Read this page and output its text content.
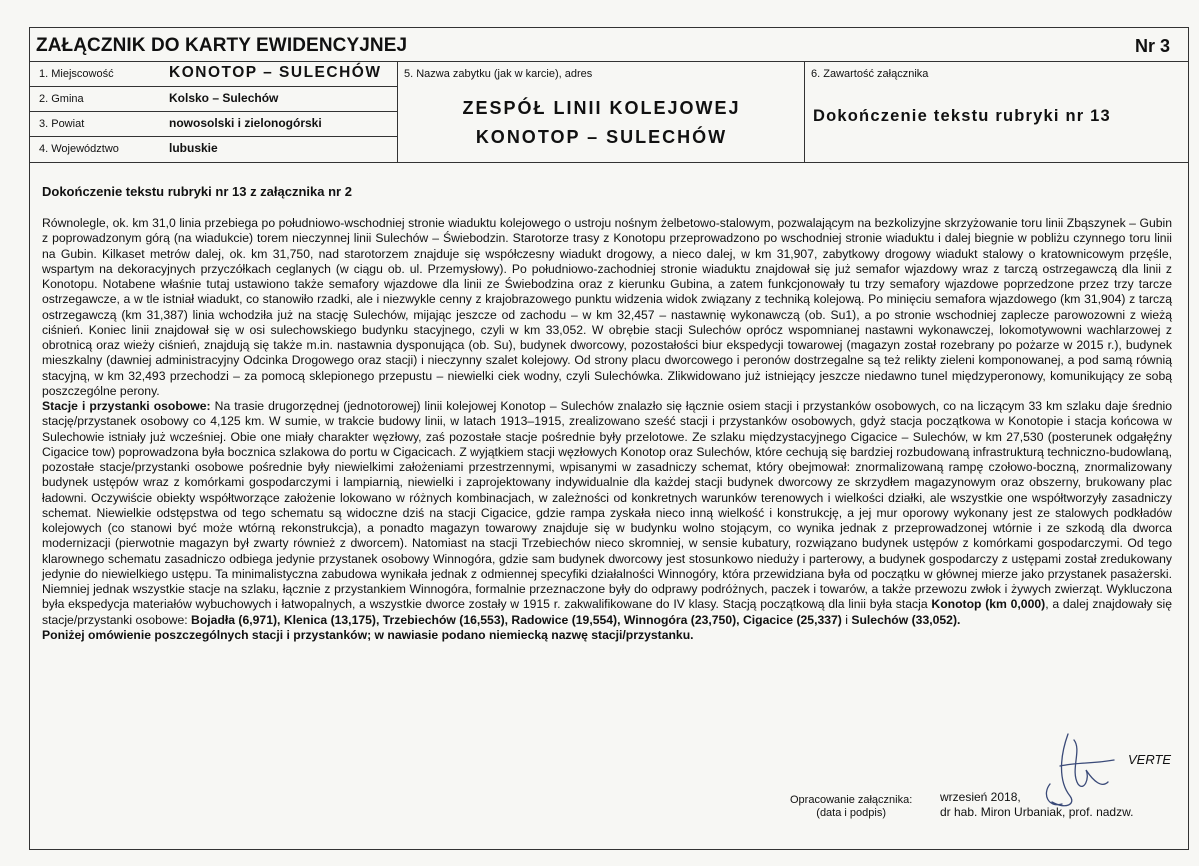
ZAŁĄCZNIK DO KARTY EWIDENCYJNEJ	Nr 3
1. Miejscowość	KONOTOP – SULECHÓW
2. Gmina	Kolsko – Sulechów
3. Powiat	nowosolski i zielonogórski
4. Województwo	lubuskie
5. Nazwa zabytku (jak w karcie), adres
ZESPÓŁ LINII KOLEJOWEJ
KONOTOP – SULECHÓW
6. Zawartość załącznika
Dokończenie tekstu rubryki nr 13
Dokończenie tekstu rubryki nr 13 z załącznika nr 2

Równolegle, ok. km 31,0 linia przebiega po południowo-wschodniej stronie wiaduktu kolejowego o ustroju nośnym żelbetowo-stalowym, pozwalającym na bezkolizyjne skrzyżowanie toru linii Zbąszynek – Gubin z poprowadzonym górą (na wiadukcie) torem nieczynnej linii Sulechów – Świebodzin. Starotorze trasy z Konotopu przeprowadzono po wschodniej stronie wiaduktu i dalej biegnie w pobliżu czynnego toru linii na Gubin. Kilkaset metrów dalej, ok. km 31,750, nad starotorzem znajduje się współczesny wiadukt drogowy, a nieco dalej, w km 31,907, zabytkowy drogowy wiadukt stalowy o kratownicowym przęśle, wspartym na dekoracyjnych przyczółkach ceglanych (w ciągu ob. ul. Przemysłowy). Po południowo-zachodniej stronie wiaduktu znajdował się już semafor wjazdowy wraz z tarczą ostrzegawczą dla linii z Konotopu. Notabene właśnie tutaj ustawiono także semafory wjazdowe dla linii ze Świebodzina oraz z kierunku Gubina, a zatem funkcjonowały tu trzy semafory wjazdowe poprzedzone przez trzy tarcze ostrzegawcze, a w tle istniał wiadukt, co stanowiło rzadki, ale i niezwykle cenny z krajobrazowego punktu widzenia widok związany z techniką kolejową. Po minięciu semafora wjazdowego (km 31,904) z tarczą ostrzegawczą (km 31,387) linia wchodziła już na stację Sulechów, mijając jeszcze od zachodu – w km 32,457 – nastawnię wykonawczą (ob. Su1), a po stronie wschodniej zaplecze parowozowni z wieżą ciśnień. Koniec linii znajdował się w osi sulechowskiego budynku stacyjnego, czyli w km 33,052. W obrębie stacji Sulechów oprócz wspomnianej nastawni wykonawczej, lokomotywowni wachlarzowej z obrotnicą oraz wieży ciśnień, znajdują się także m.in. nastawnia dysponująca (ob. Su), budynek dworcowy, pozostałości biur ekspedycji towarowej (magazyn został rozebrany po pożarze w 2015 r.), budynek mieszkalny (dawniej administracyjny Odcinka Drogowego oraz stacji) i nieczynny szalet kolejowy. Od strony placu dworcowego i peronów dostrzegalne są też relikty zieleni komponowanej, a pod samą równią stacyjną, w km 32,493 przechodzi – za pomocą sklepionego przepustu – niewielki ciek wodny, czyli Sulechówka. Zlikwidowano już istniejący jeszcze niedawno tunel międzyperonowy, komunikujący ze sobą poszczególne perony.

Stacje i przystanki osobowe: Na trasie drugorzędnej (jednotorowej) linii kolejowej Konotop – Sulechów znalazło się łącznie osiem stacji i przystanków osobowych, co na liczącym 33 km szlaku daje średnio stację/przystanek osobowy co 4,125 km. W sumie, w trakcie budowy linii, w latach 1913–1915, zrealizowano sześć stacji i przystanków osobowych, gdyż stacja początkowa w Konotopie i stacja końcowa w Sulechowie istniały już wcześniej. Obie one miały charakter węzłowy, zaś pozostałe stacje pośrednie były przelotowe. Ze szlaku międzystacyjnego Cigacice – Sulechów, w km 27,530 (posterunek odgałęźny Cigacice tow) poprowadzona była bocznica szlakowa do portu w Cigacicach. Z wyjątkiem stacji węzłowych Konotop oraz Sulechów, które cechują się bardziej rozbudowaną infrastrukturą techniczno-budowlaną, pozostałe stacje/przystanki osobowe pośrednie były niewielkimi założeniami przestrzennymi, wpisanymi w zasadniczy schemat, który obejmował: znormalizowaną rampę czołowo-boczną, znormalizowany budynek ustępów wraz z komórkami gospodarczymi i lampiarnią, niewielki i zaprojektowany indywidualnie dla każdej stacji budynek dworcowy ze skrzydłem magazynowym oraz obszerny, brukowany plac ładowni. Oczywiście obiekty współtworzące założenie lokowano w różnych kombinacjach, w zależności od konkretnych warunków terenowych i wielkości działki, ale wszystkie one współtworzyły zasadniczy schemat. Niewielkie odstępstwa od tego schematu są widoczne dziś na stacji Cigacice, gdzie rampa zyskała nieco inną wielkość i konstrukcję, a jej mur oporowy wykonany jest ze stalowych podkładów kolejowych (co stanowi być może wtórną rekonstrukcja), a ponadto magazyn towarowy znajduje się w budynku wolno stojącym, co wynika jednak z przeprowadzonej wtórnie i ze szkodą dla dworca modernizacji (pierwotnie magazyn był zwarty również z dworcem). Natomiast na stacji Trzebiechów nieco skromniej, w sensie kubatury, rozwiązano budynek ustępów z komórkami gospodarczymi. Od tego klarownego schematu zasadniczo odbiega jedynie przystanek osobowy Winnogóra, gdzie sam budynek dworcowy jest stosunkowo nieduży i parterowy, a budynek gospodarczy z ustępami został zredukowany jedynie do niewielkiego ustępu. Ta minimalistyczna zabudowa wynikała jednak z odmiennej specyfiki działalności Winnogóry, która przewidziana była od początku w głównej mierze jako przystanek pasażerski. Niemniej jednak wszystkie stacje na szlaku, łącznie z przystankiem Winnogóra, formalnie przeznaczone były do odprawy podróżnych, paczek i towarów, a także przewozu zwłok i żywych zwierząt. Wykluczona była ekspedycja materiałów wybuchowych i łatwopalnych, a wszystkie dworce zostały w 1915 r. zakwalifikowane do IV klasy. Stacją początkową dla linii była stacja Konotop (km 0,000), a dalej znajdowały się stacje/przystanki osobowe: Bojadła (6,971), Klenica (13,175), Trzebiechów (16,553), Radowice (19,554), Winnogóra (23,750), Cigacice (25,337) i Sulechów (33,052).

Poniżej omówienie poszczególnych stacji i przystanków; w nawiasie podano niemiecką nazwę stacji/przystanku.

VERTE
Opracowanie załącznika:
(data i podpis)
wrzesień 2018,
dr hab. Miron Urbaniak, prof. nadzw.
